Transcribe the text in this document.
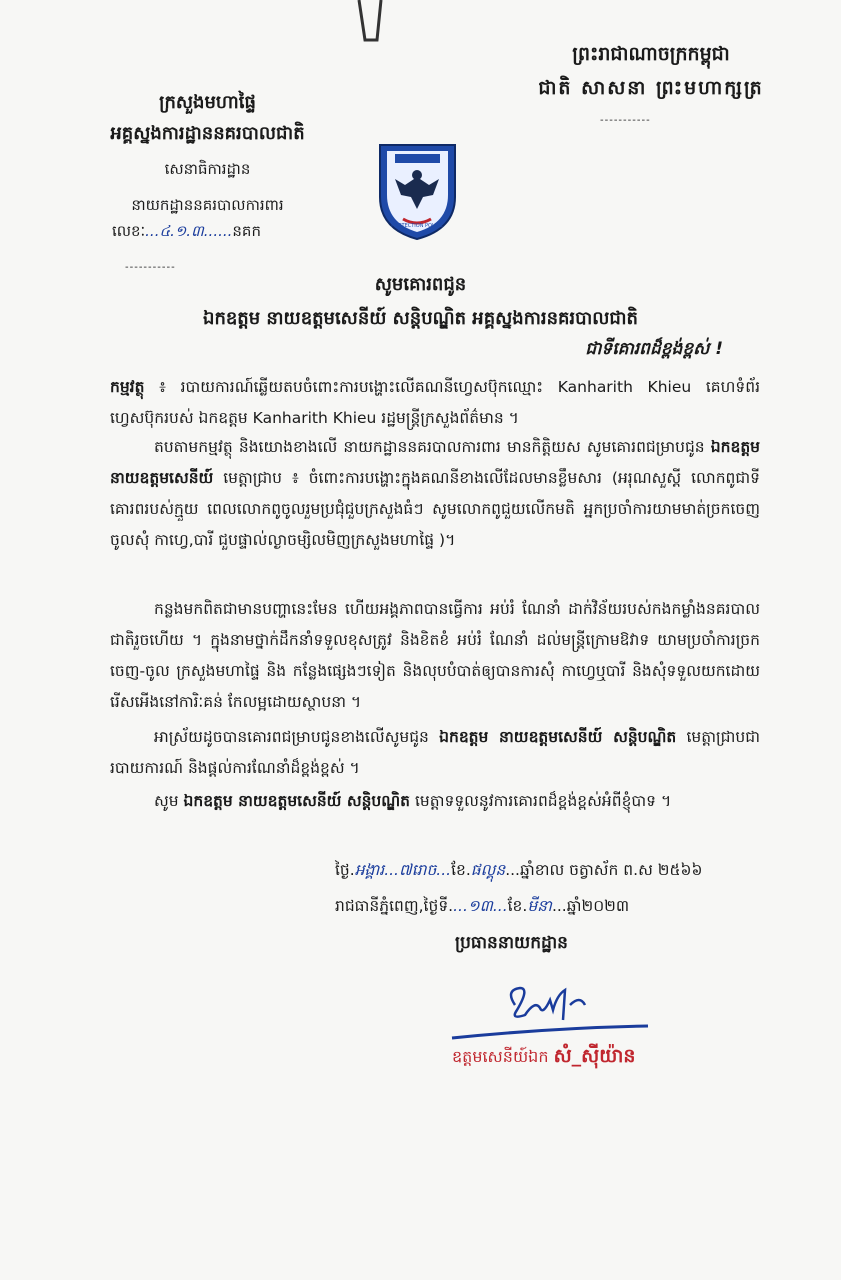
ព្រះរាជាណាចក្រកម្ពុជា
ជាតិ សាសនា ព្រះមហាក្សត្រ
-----------
ក្រសួងមហាផ្ទៃ
អគ្គស្នងការដ្ឋាននគរបាលជាតិ
សេនាធិការដ្ឋាន
នាយកដ្ឋាននគរបាលការពារ
លេខៈ...៤.១.៣......នគក
-----------
PROTECTION POLICE
សូមគោរពជូន
ឯកឧត្តម នាយឧត្តមសេនីយ៍ សន្តិបណ្ឌិត អគ្គស្នងការនគរបាលជាតិ
ជាទីគោរពដ៏ខ្ពង់ខ្ពស់ !
កម្មវត្ថុ ៖ របាយការណ៍ឆ្លើយតបចំពោះការបង្ហោះលើគណនីហ្វេសប៊ុកឈ្មោះ Kanharith Khieu គេហទំព័រហ្វេសប៊ុករបស់ ឯកឧត្តម Kanharith Khieu រដ្ឋមន្ត្រីក្រសួងព័ត៌មាន ។
តបតាមកម្មវត្ថុ និងយោងខាងលើ នាយកដ្ឋាននគរបាលការពារ មានកិត្តិយស សូមគោរពជម្រាបជូន ឯកឧត្តម នាយឧត្តមសេនីយ៍ មេត្តាជ្រាប ៖ ចំពោះការបង្ហោះក្នុងគណនីខាងលើដែលមានខ្លឹមសារ (អរុណសួស្តី លោកពូជាទីគោរពរបស់ក្មួយ ពេលលោកពូចូលរួមប្រជុំជួបក្រសួងធំៗ សូមលោកពូជួយលើកមតិ អ្នកប្រចាំការយាមមាត់ច្រកចេញចូលសុំ កាហ្វេ,បារី ជួបផ្ទាល់ល្ងាចម្សិលមិញក្រសួងមហាផ្ទៃ )។
កន្លងមកពិតជាមានបញ្ហានេះមែន ហើយអង្គភាពបានធ្វើការ អប់រំ ណែនាំ ដាក់វិន័យរបស់កងកម្លាំងនគរបាលជាតិរួចហើយ ។ ក្នុងនាមថ្នាក់ដឹកនាំទទួលខុសត្រូវ និងខិតខំ អប់រំ ណែនាំ ដល់មន្ត្រីក្រោមឱវាទ យាមប្រចាំការច្រកចេញ-ចូល ក្រសួងមហាផ្ទៃ និង កន្លែងផ្សេងៗទៀត និងលុបបំបាត់ឲ្យបានការសុំ កាហ្វេឬបារី និងសុំទទួលយកដោយរើសអើងនៅការិៈគន់ កែលម្អដោយស្ថាបនា ។
អាស្រ័យដូចបានគោរពជម្រាបជូនខាងលើសូមជូន ឯកឧត្តម នាយឧត្តមសេនីយ៍ សន្តិបណ្ឌិត មេត្តាជ្រាបជារបាយការណ៍ និងផ្តល់ការណែនាំដ៏ខ្ពង់ខ្ពស់ ។
សូម ឯកឧត្តម នាយឧត្តមសេនីយ៍ សន្តិបណ្ឌិត មេត្តាទទួលនូវការគោរពដ៏ខ្ពង់ខ្ពស់អំពីខ្ញុំបាទ ។
ថ្ងៃ.អង្គារ...៧រោច...ខែ.ផល្គុន...ឆ្នាំខាល ចត្វាស័ក ព.ស ២៥៦៦
រាជធានីភ្នំពេញ,ថ្ងៃទី....១៣...ខែ.មីនា...ឆ្នាំ២០២៣
ប្រធាននាយកដ្ឋាន
ឧត្តមសេនីយ៍ឯក សំ_ស៊ីយ៉ាន
